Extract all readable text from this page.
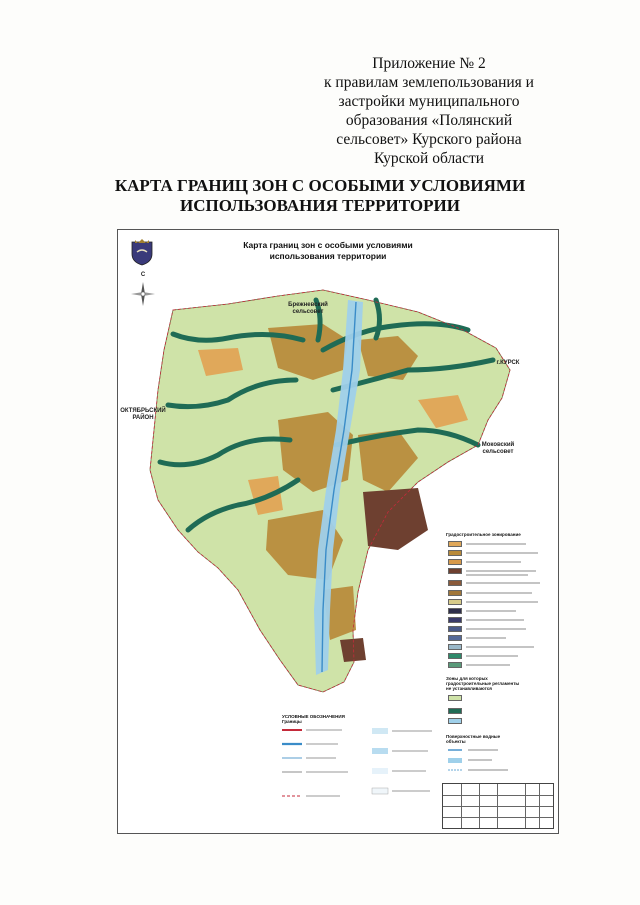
Приложение № 2
к правилам землепользования и
застройки муниципального
образования «Полянский
сельсовет» Курского района
Курской области
КАРТА ГРАНИЦ ЗОН С ОСОБЫМИ УСЛОВИЯМИ
ИСПОЛЬЗОВАНИЯ ТЕРРИТОРИИ
Карта границ зон с особыми условиями
использования территории
С
Брежневский
сельсовет
г.КУРСК
ОКТЯБРЬСКИЙ
РАЙОН
Моковский
сельсовет
Градостроительное зонирование
Зоны для которых
градостроительные регламенты
не устанавливаются
Поверхностные водные
объекты
УСЛОВНЫЕ ОБОЗНАЧЕНИЯ
Границы
